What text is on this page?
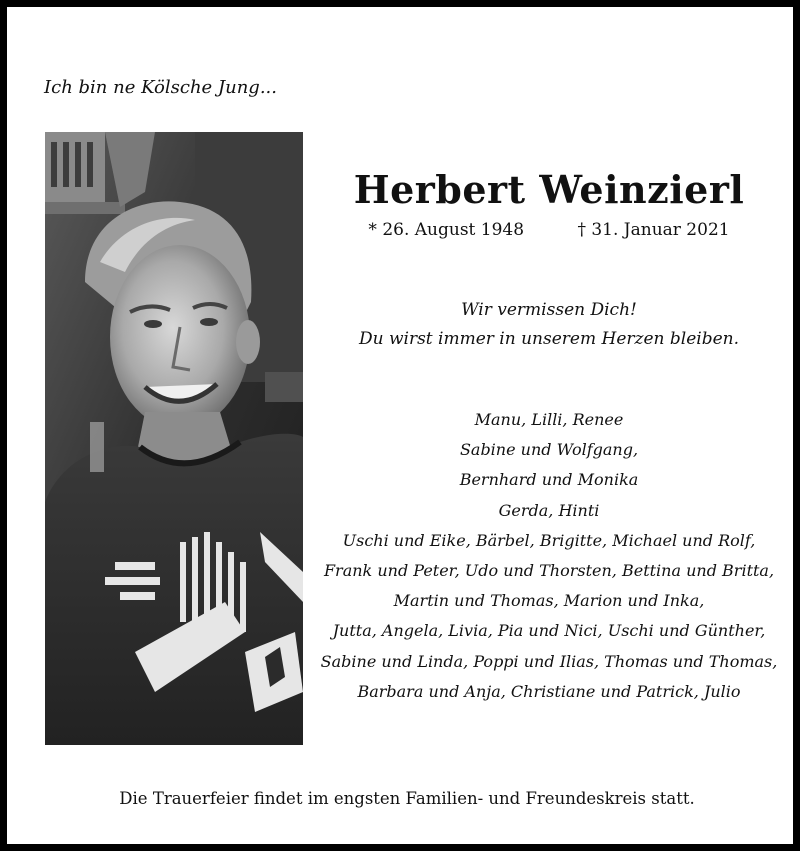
Ich bin ne Kölsche Jung...
Herbert Weinzierl
* 26. August 1948	† 31. Januar 2021
Wir vermissen Dich!
Du wirst immer in unserem Herzen bleiben.
Manu, Lilli, Renee
Sabine und Wolfgang,
Bernhard und Monika
Gerda, Hinti
Uschi und Eike, Bärbel, Brigitte, Michael und Rolf,
Frank und Peter, Udo und Thorsten, Bettina und Britta,
Martin und Thomas, Marion und Inka,
Jutta, Angela, Livia, Pia und Nici, Uschi und Günther,
Sabine und Linda, Poppi und Ilias, Thomas und Thomas,
Barbara und Anja, Christiane und Patrick, Julio
Die Trauerfeier findet im engsten Familien- und Freundeskreis statt.
